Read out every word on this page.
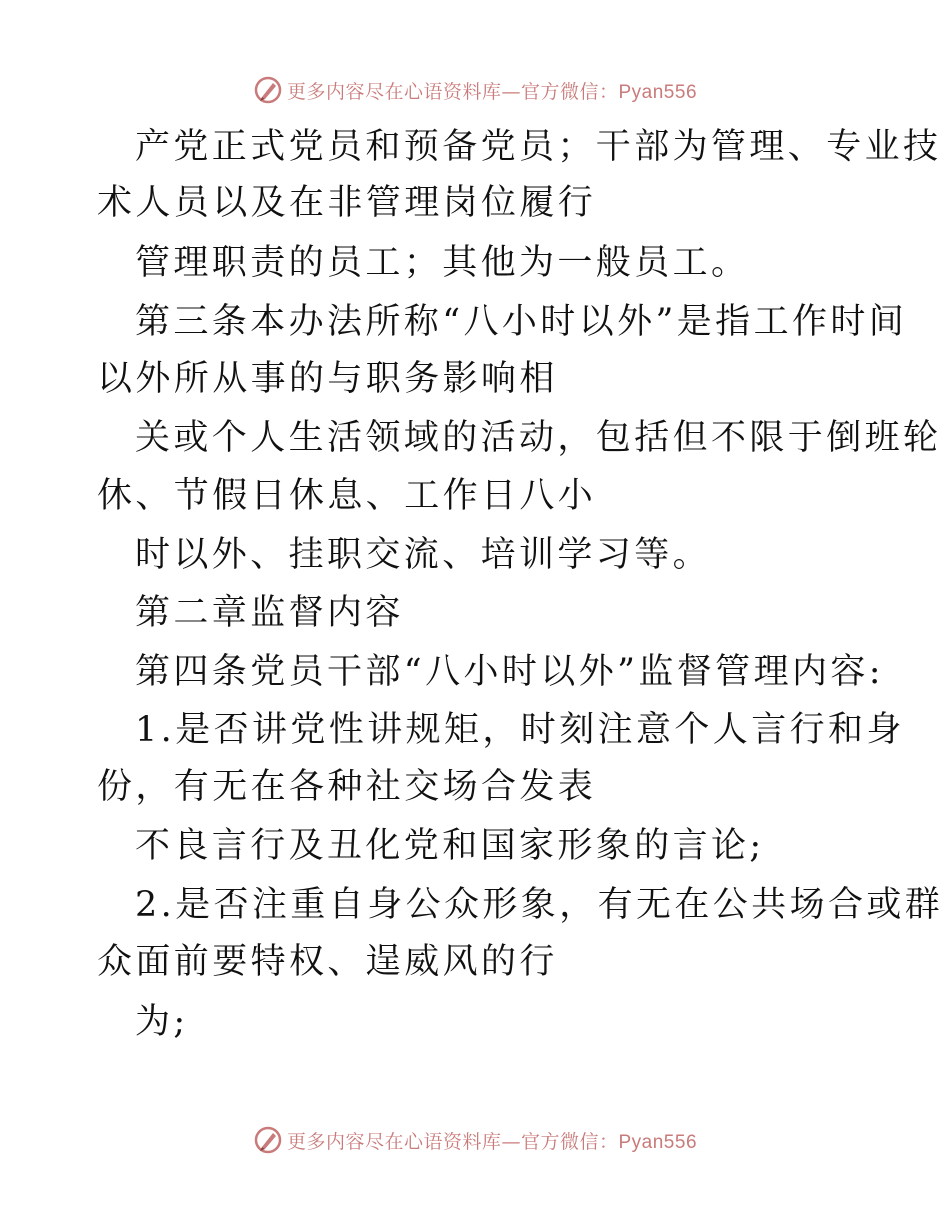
更多内容尽在心语资料库—官方微信：Pyan556
产党正式党员和预备党员；干部为管理、专业技
术人员以及在非管理岗位履行
管理职责的员工；其他为一般员工。
第三条本办法所称“八小时以外”是指工作时间
以外所从事的与职务影响相
关或个人生活领域的活动，包括但不限于倒班轮
休、节假日休息、工作日八小
时以外、挂职交流、培训学习等。
第二章监督内容
第四条党员干部“八小时以外”监督管理内容:
1.是否讲党性讲规矩，时刻注意个人言行和身
份，有无在各种社交场合发表
不良言行及丑化党和国家形象的言论;
2.是否注重自身公众形象，有无在公共场合或群
众面前要特权、逞威风的行
为;
更多内容尽在心语资料库—官方微信：Pyan556
